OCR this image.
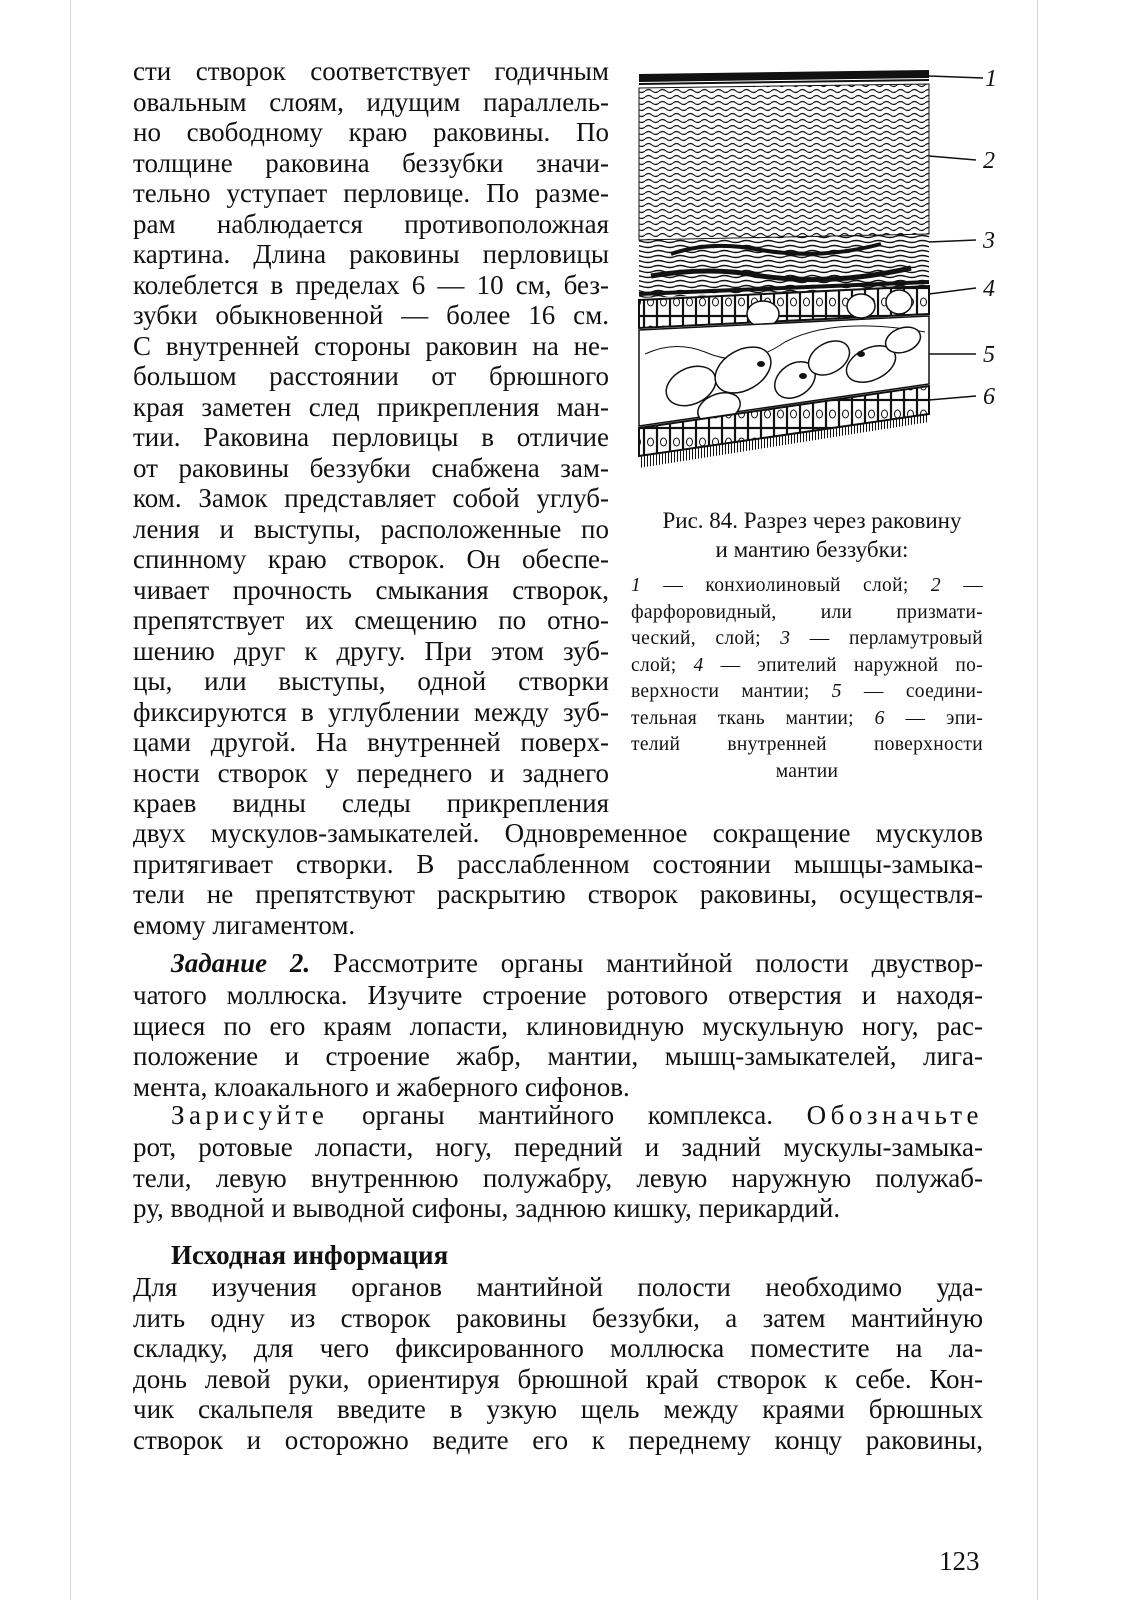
сти створок соответствует годичным
овальным слоям, идущим параллель-
но свободному краю раковины. По
толщине раковина беззубки значи-
тельно уступает перловице. По разме-
рам наблюдается противоположная
картина. Длина раковины перловицы
колеблется в пределах 6 — 10 см, без-
зубки обыкновенной — более 16 см.
С внутренней стороны раковин на не-
большом расстоянии от брюшного
края заметен след прикрепления ман-
тии. Раковина перловицы в отличие
от раковины беззубки снабжена зам-
ком. Замок представляет собой углуб-
ления и выступы, расположенные по
спинному краю створок. Он обеспе-
чивает прочность смыкания створок,
препятствует их смещению по отно-
шению друг к другу. При этом зуб-
цы, или выступы, одной створки
фиксируются в углублении между зуб-
цами другой. На внутренней поверх-
ности створок у переднего и заднего
краев видны следы прикрепления
1
2
3
4
5
6
Рис. 84. Разрез через раковину
и мантию беззубки:
1 — конхиолиновый слой; 2 —
фарфоровидный, или призмати-
ческий, слой; 3 — перламутровый
слой; 4 — эпителий наружной по-
верхности мантии; 5 — соедини-
тельная ткань мантии; 6 — эпи-
телий внутренней поверхности
мантии
двух мускулов-замыкателей. Одновременное сокращение мускулов
притягивает створки. В расслабленном состоянии мышцы-замыка-
тели не препятствуют раскрытию створок раковины, осуществля-
емому лигаментом.
Задание 2. Рассмотрите органы мантийной полости двуствор-
чатого моллюска. Изучите строение ротового отверстия и находя-
щиеся по его краям лопасти, клиновидную мускульную ногу, рас-
положение и строение жабр, мантии, мышц-замыкателей, лига-
мента, клоакального и жаберного сифонов.
Зарисуйте органы мантийного комплекса. Обозначьте
рот, ротовые лопасти, ногу, передний и задний мускулы-замыка-
тели, левую внутреннюю полужабру, левую наружную полужаб-
ру, вводной и выводной сифоны, заднюю кишку, перикардий.
Исходная информация
Для изучения органов мантийной полости необходимо уда-
лить одну из створок раковины беззубки, а затем мантийную
складку, для чего фиксированного моллюска поместите на ла-
донь левой руки, ориентируя брюшной край створок к себе. Кон-
чик скальпеля введите в узкую щель между краями брюшных
створок и осторожно ведите его к переднему концу раковины,
123
